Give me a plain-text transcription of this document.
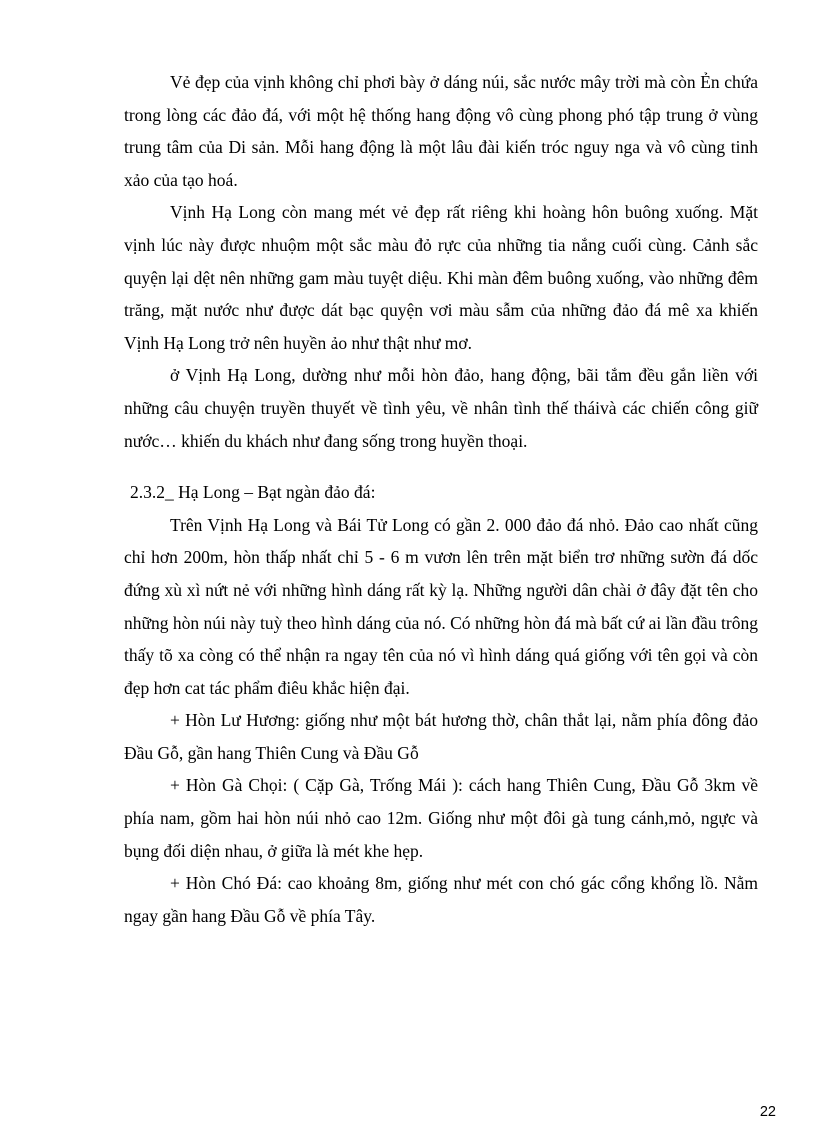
Vẻ đẹp của vịnh không chỉ phơi bày ở dáng núi, sắc nước mây trời mà còn Ẻn chứa trong lòng các đảo đá, với một hệ thống hang động vô cùng phong phó tập trung ở vùng trung tâm của Di sản. Mỗi hang động là một lâu đài kiến tróc nguy nga và vô cùng tinh xảo của tạo hoá.

Vịnh Hạ Long còn mang mét vẻ đẹp rất riêng khi hoàng hôn buông xuống. Mặt vịnh lúc này được nhuộm một sắc màu đỏ rực của những tia nắng cuối cùng. Cảnh sắc quyện lại dệt nên những gam màu tuyệt diệu. Khi màn đêm buông xuống, vào những đêm trăng, mặt nước như được dát bạc quyện vơi màu sẫm của những đảo đá mê xa khiến Vịnh Hạ Long trở nên huyền ảo như thật như mơ.

ở Vịnh Hạ Long, dường như mỗi hòn đảo, hang động, bãi tắm đều gắn liền với những câu chuyện truyền thuyết về tình yêu, về nhân tình thế tháivà các chiến công giữ nước… khiến du khách như đang sống trong huyền thoại.

2.3.2_ Hạ Long – Bạt ngàn đảo đá:

Trên Vịnh Hạ Long và Bái Tử Long có gần 2. 000 đảo đá nhỏ. Đảo cao nhất cũng chỉ hơn 200m, hòn thấp nhất chỉ 5 - 6 m vươn lên trên mặt biển trơ những sườn đá dốc đứng xù xì nứt nẻ với những hình dáng rất kỳ lạ. Những người dân chài ở đây đặt tên cho những hòn núi này tuỳ theo hình dáng của nó. Có những hòn đá mà bất cứ ai lần đầu trông thấy tõ xa còng có thể nhận ra ngay tên của nó vì hình dáng quá giống với tên gọi và còn đẹp hơn cat tác phẩm điêu khắc hiện đại.

+ Hòn Lư Hương: giống như một bát hương thờ, chân thắt lại, nằm phía đông đảo Đầu Gỗ, gần hang Thiên Cung và Đầu Gỗ

+ Hòn Gà Chọi: ( Cặp Gà, Trống Mái ): cách hang Thiên Cung, Đầu Gỗ 3km về phía nam, gồm hai hòn núi nhỏ cao 12m. Giống như một đôi gà tung cánh,mỏ, ngực và bụng đối diện nhau, ở giữa là mét khe hẹp.

+ Hòn Chó Đá: cao khoảng 8m, giống như mét con chó gác cổng khổng lồ. Nằm ngay gần hang Đầu Gỗ về phía Tây.

22
